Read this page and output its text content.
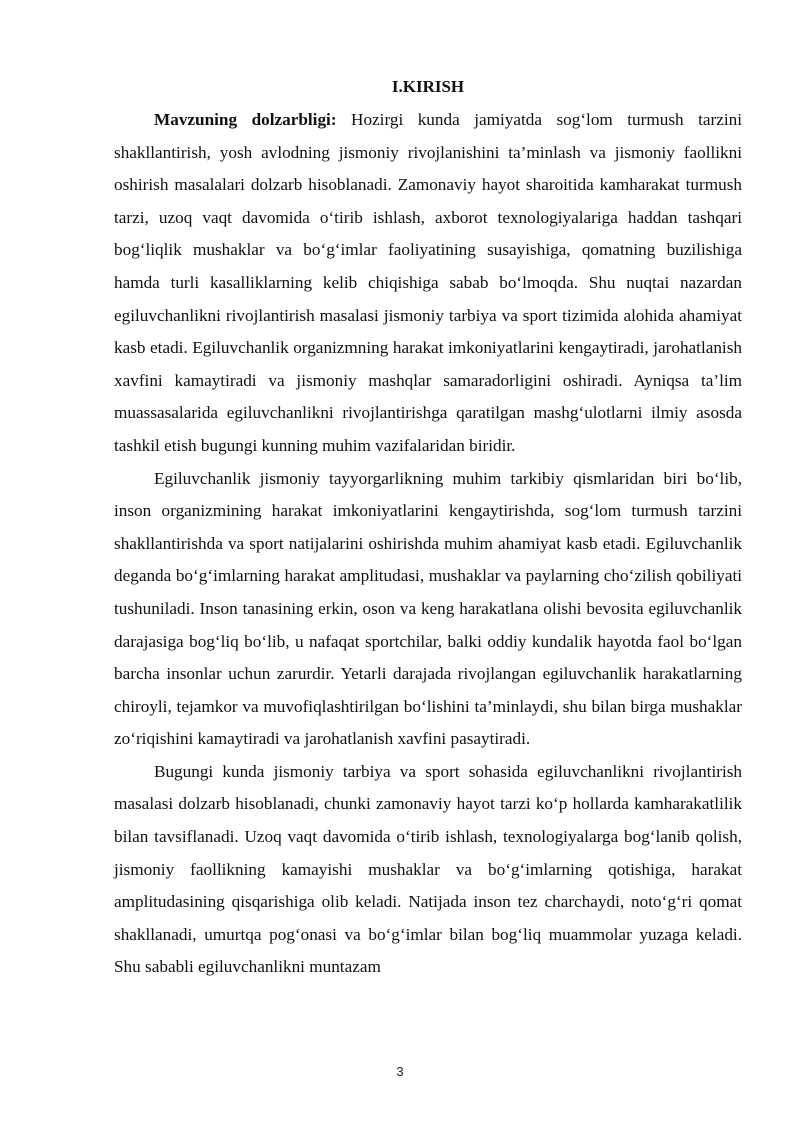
I.KIRISH

Mavzuning dolzarbligi: Hozirgi kunda jamiyatda sog‘lom turmush tarzini shakllantirish, yosh avlodning jismoniy rivojlanishini ta’minlash va jismoniy faollikni oshirish masalalari dolzarb hisoblanadi. Zamonaviy hayot sharoitida kamharakat turmush tarzi, uzoq vaqt davomida o‘tirib ishlash, axborot texnologiyalariga haddan tashqari bog‘liqlik mushaklar va bo‘g‘imlar faoliyatining susayishiga, qomatning buzilishiga hamda turli kasalliklarning kelib chiqishiga sabab bo‘lmoqda. Shu nuqtai nazardan egiluvchanlikni rivojlantirish masalasi jismoniy tarbiya va sport tizimida alohida ahamiyat kasb etadi. Egiluvchanlik organizmning harakat imkoniyatlarini kengaytiradi, jarohatlanish xavfini kamaytiradi va jismoniy mashqlar samaradorligini oshiradi. Ayniqsa ta’lim muassasalarida egiluvchanlikni rivojlantirishga qaratilgan mashg‘ulotlarni ilmiy asosda tashkil etish bugungi kunning muhim vazifalaridan biridir.

Egiluvchanlik jismoniy tayyorgarlikning muhim tarkibiy qismlaridan biri bo‘lib, inson organizmining harakat imkoniyatlarini kengaytirishda, sog‘lom turmush tarzini shakllantirishda va sport natijalarini oshirishda muhim ahamiyat kasb etadi. Egiluvchanlik deganda bo‘g‘imlarning harakat amplitudasi, mushaklar va paylarning cho‘zilish qobiliyati tushuniladi. Inson tanasining erkin, oson va keng harakatlana olishi bevosita egiluvchanlik darajasiga bog‘liq bo‘lib, u nafaqat sportchilar, balki oddiy kundalik hayotda faol bo‘lgan barcha insonlar uchun zarurdir. Yetarli darajada rivojlangan egiluvchanlik harakatlarning chiroyli, tejamkor va muvofiqlashtirilgan bo‘lishini ta’minlaydi, shu bilan birga mushaklar zo‘riqishini kamaytiradi va jarohatlanish xavfini pasaytiradi.

Bugungi kunda jismoniy tarbiya va sport sohasida egiluvchanlikni rivojlantirish masalasi dolzarb hisoblanadi, chunki zamonaviy hayot tarzi ko‘p hollarda kamharakatlilik bilan tavsiflanadi. Uzoq vaqt davomida o‘tirib ishlash, texnologiyalarga bog‘lanib qolish, jismoniy faollikning kamayishi mushaklar va bo‘g‘imlarning qotishiga, harakat amplitudasining qisqarishiga olib keladi. Natijada inson tez charchaydi, noto‘g‘ri qomat shakllanadi, umurtqa pog‘onasi va bo‘g‘imlar bilan bog‘liq muammolar yuzaga keladi. Shu sababli egiluvchanlikni muntazam

3
